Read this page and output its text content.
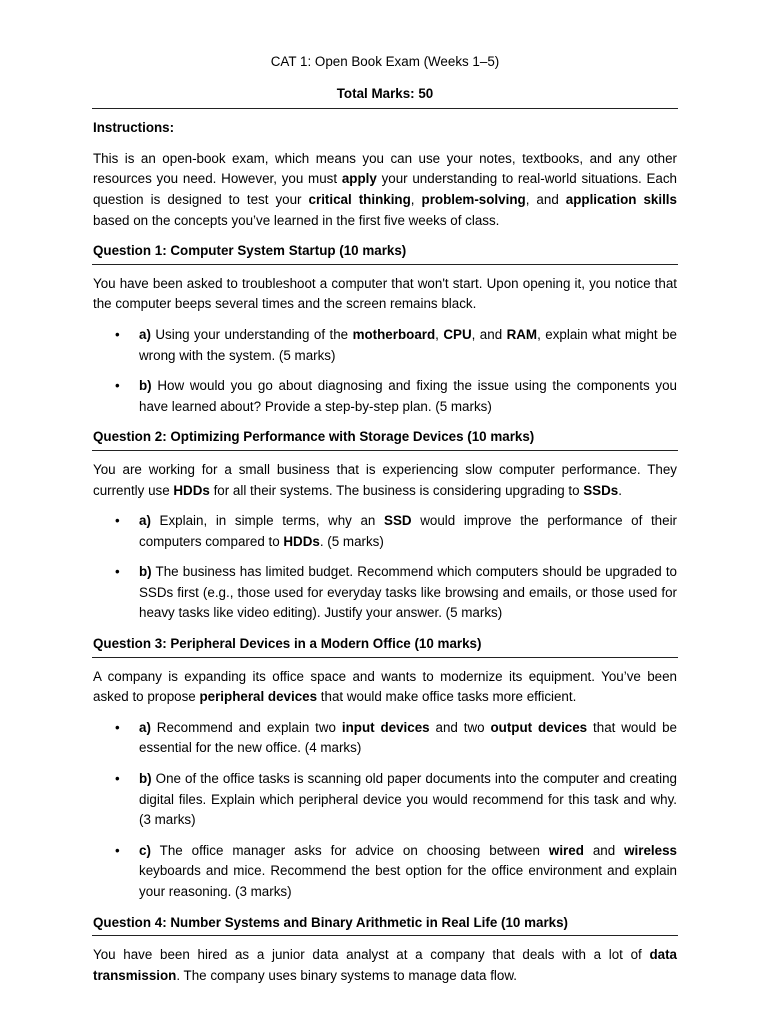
CAT 1: Open Book Exam (Weeks 1–5)

Total Marks: 50

Instructions:

This is an open-book exam, which means you can use your notes, textbooks, and any other resources you need. However, you must apply your understanding to real-world situations. Each question is designed to test your critical thinking, problem-solving, and application skills based on the concepts you’ve learned in the first five weeks of class.

Question 1: Computer System Startup (10 marks)

You have been asked to troubleshoot a computer that won't start. Upon opening it, you notice that the computer beeps several times and the screen remains black.

• a) Using your understanding of the motherboard, CPU, and RAM, explain what might be wrong with the system. (5 marks)
• b) How would you go about diagnosing and fixing the issue using the components you have learned about? Provide a step-by-step plan. (5 marks)

Question 2: Optimizing Performance with Storage Devices (10 marks)

You are working for a small business that is experiencing slow computer performance. They currently use HDDs for all their systems. The business is considering upgrading to SSDs.

• a) Explain, in simple terms, why an SSD would improve the performance of their computers compared to HDDs. (5 marks)
• b) The business has limited budget. Recommend which computers should be upgraded to SSDs first (e.g., those used for everyday tasks like browsing and emails, or those used for heavy tasks like video editing). Justify your answer. (5 marks)

Question 3: Peripheral Devices in a Modern Office (10 marks)

A company is expanding its office space and wants to modernize its equipment. You’ve been asked to propose peripheral devices that would make office tasks more efficient.

• a) Recommend and explain two input devices and two output devices that would be essential for the new office. (4 marks)
• b) One of the office tasks is scanning old paper documents into the computer and creating digital files. Explain which peripheral device you would recommend for this task and why. (3 marks)
• c) The office manager asks for advice on choosing between wired and wireless keyboards and mice. Recommend the best option for the office environment and explain your reasoning. (3 marks)

Question 4: Number Systems and Binary Arithmetic in Real Life (10 marks)

You have been hired as a junior data analyst at a company that deals with a lot of data transmission. The company uses binary systems to manage data flow.
